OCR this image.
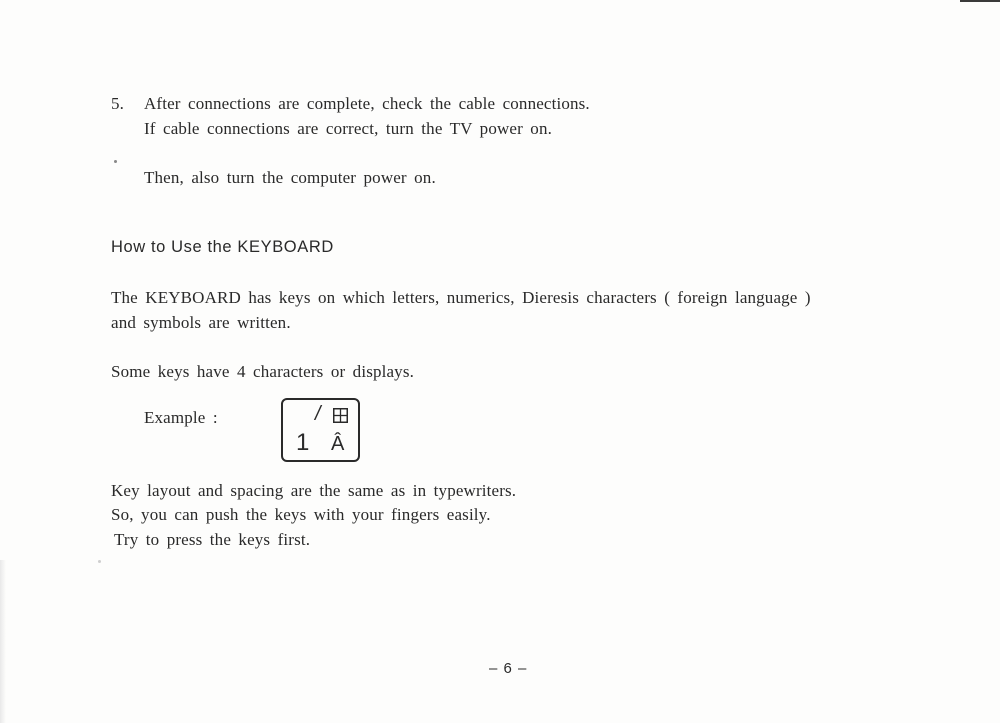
5. After connections are complete, check the cable connections.
If cable connections are correct, turn the TV power on.
Then, also turn the computer power on.
How to Use the KEYBOARD
The KEYBOARD has keys on which letters, numerics, Dieresis characters ( foreign language )
and symbols are written.
Some keys have 4 characters or displays.
Example :	/
1 Â
Key layout and spacing are the same as in typewriters.
So, you can push the keys with your fingers easily.
Try to press the keys first.
– 6 –
